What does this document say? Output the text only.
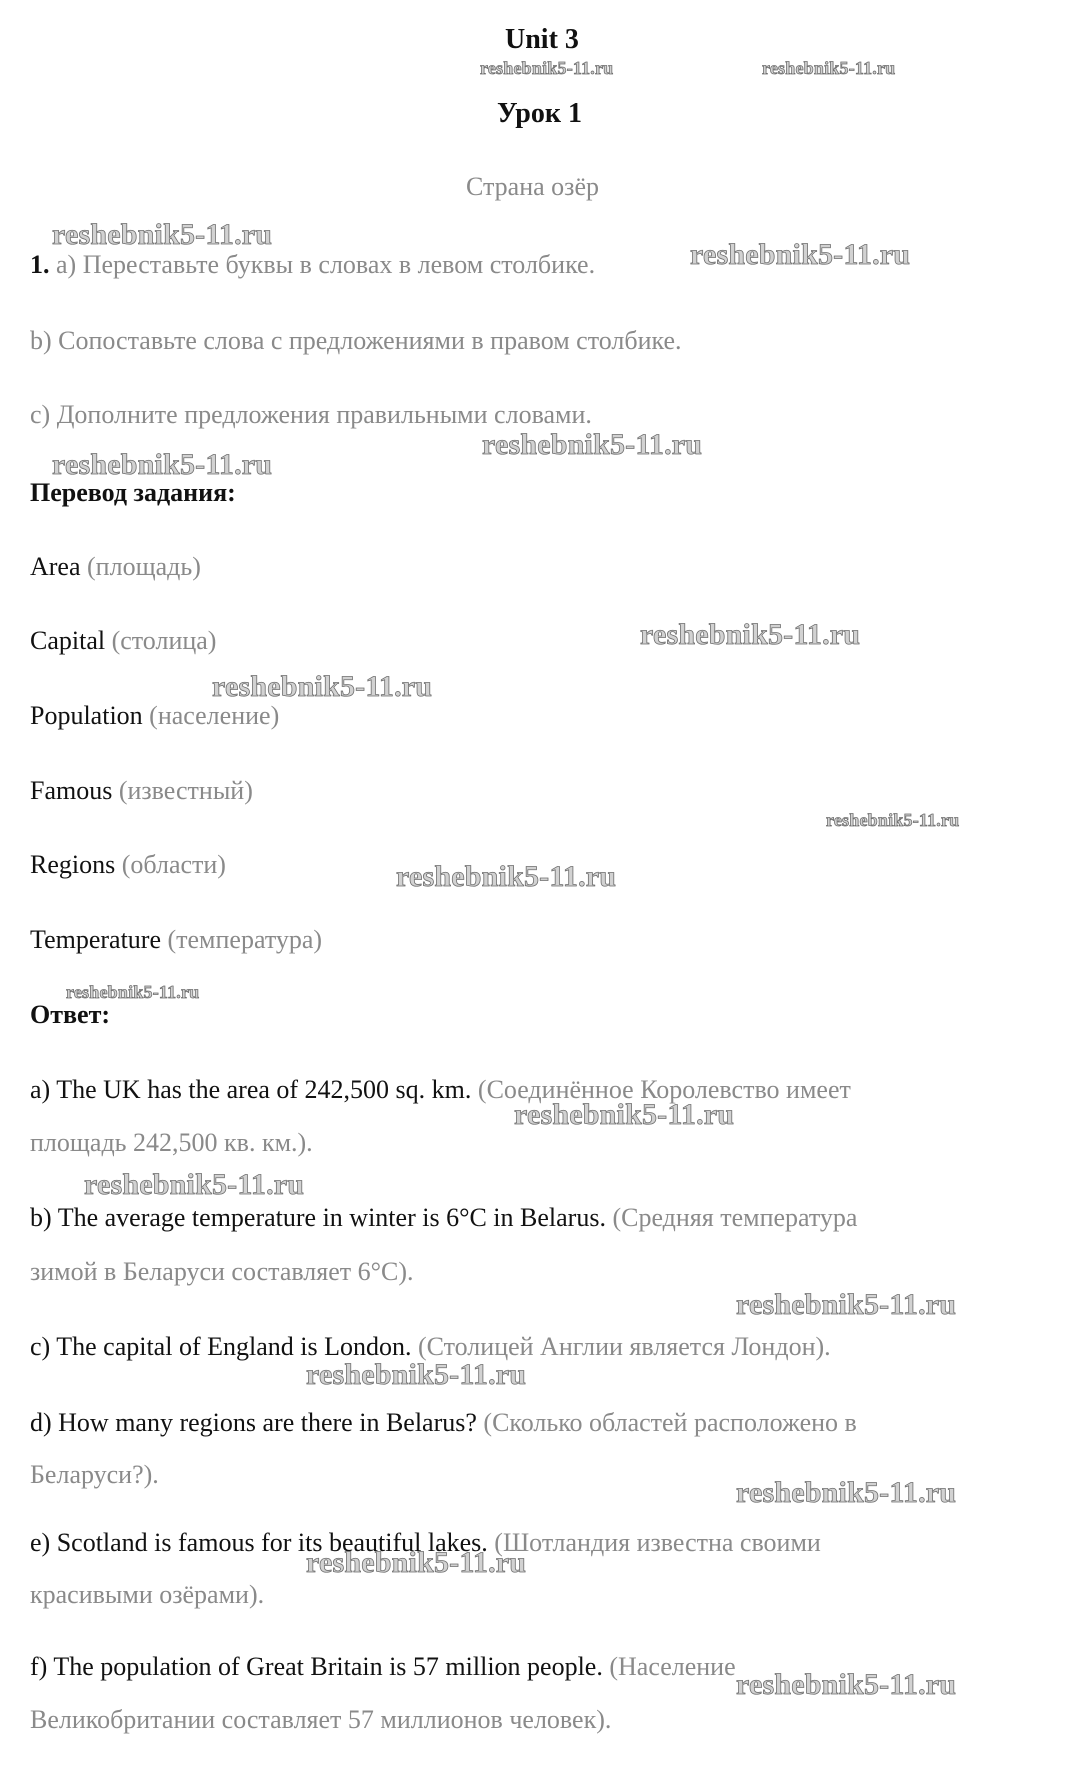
Unit 3
Урок 1
Страна озёр
1. a) Переставьте буквы в словах в левом столбике.
b) Сопоставьте слова с предложениями в правом столбике.
c) Дополните предложения правильными словами.
Перевод задания:
Area (площадь)
Capital (столица)
Population (население)
Famous (известный)
Regions (области)
Temperature (температура)
Ответ:
a) The UK has the area of 242,500 sq. km. (Соединённое Королевство имеет
площадь 242,500 кв. км.).
b) The average temperature in winter is 6°C in Belarus. (Средняя температура
зимой в Беларуси составляет 6°C).
c) The capital of England is London. (Столицей Англии является Лондон).
d) How many regions are there in Belarus? (Сколько областей расположено в
Беларуси?).
e) Scotland is famous for its beautiful lakes. (Шотландия известна своими
красивыми озёрами).
f) The population of Great Britain is 57 million people. (Население
Великобритании составляет 57 миллионов человек).
reshebnik5-11.ru	reshebnik5-11.ru
reshebnik5-11.ru
reshebnik5-11.ru
reshebnik5-11.ru
reshebnik5-11.ru
reshebnik5-11.ru
reshebnik5-11.ru
reshebnik5-11.ru
reshebnik5-11.ru
reshebnik5-11.ru
reshebnik5-11.ru
reshebnik5-11.ru
reshebnik5-11.ru
reshebnik5-11.ru
reshebnik5-11.ru
reshebnik5-11.ru
reshebnik5-11.ru
